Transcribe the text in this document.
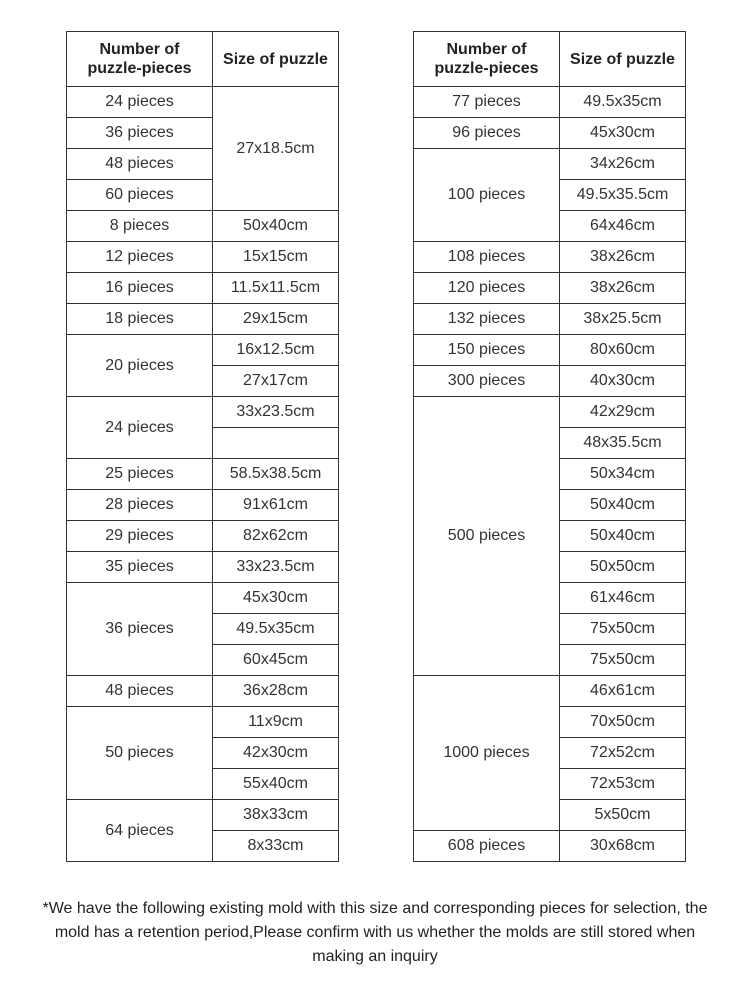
Number of
puzzle-pieces	Size of puzzle
24 pieces	27x18.5cm
36 pieces	
48 pieces	
60 pieces	
8 pieces	50x40cm
12 pieces	15x15cm
16 pieces	11.5x11.5cm
18 pieces	29x15cm
20 pieces	16x12.5cm
	27x17cm
24 pieces	33x23.5cm

25 pieces	58.5x38.5cm
28 pieces	91x61cm
29 pieces	82x62cm
35 pieces	33x23.5cm
36 pieces	45x30cm
	49.5x35cm
	60x45cm
48 pieces	36x28cm
50 pieces	11x9cm
	42x30cm
	55x40cm
64 pieces	38x33cm
	8x33cm
Number of
puzzle-pieces	Size of puzzle
77 pieces	49.5x35cm
96 pieces	45x30cm
100 pieces	34x26cm
	49.5x35.5cm
	64x46cm
108 pieces	38x26cm
120 pieces	38x26cm
132 pieces	38x25.5cm
150 pieces	80x60cm
300 pieces	40x30cm
500 pieces	42x29cm
	48x35.5cm
	50x34cm
	50x40cm
	50x40cm
	50x50cm
	61x46cm
	75x50cm
	75x50cm
1000 pieces	46x61cm
	70x50cm
	72x52cm
	72x53cm
	5x50cm
608 pieces	30x68cm
*We have the following existing mold with this size and corresponding pieces for selection, the mold has a retention period,Please confirm with us whether the molds are still stored when making an inquiry
